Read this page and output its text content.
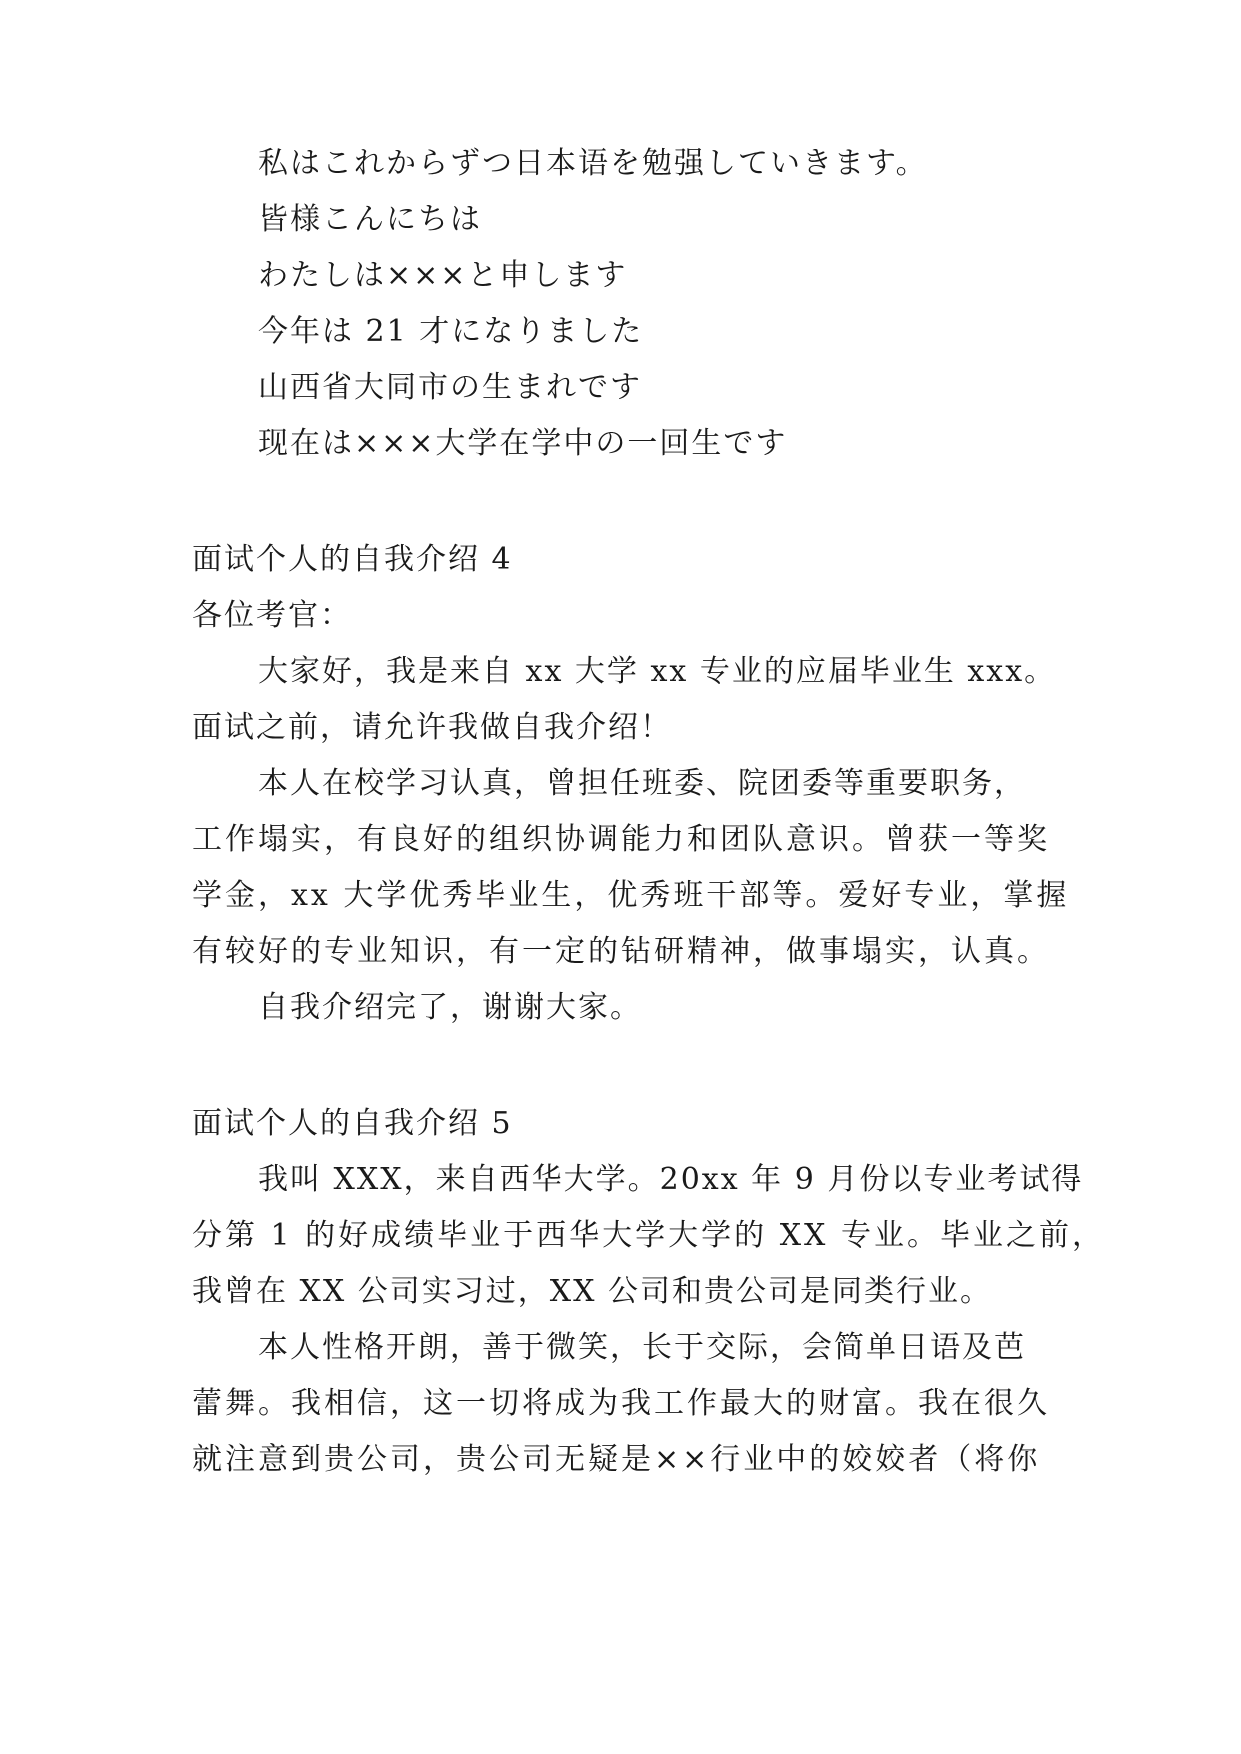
私はこれからずつ日本语を勉强していきます。
皆様こんにちは
わたしは×××と申します
今年は 21 才になりました
山西省大同市の生まれです
现在は×××大学在学中の一回生です
面试个人的自我介绍 4
各位考官：
大家好，我是来自 xx 大学 xx 专业的应届毕业生 xxx。
面试之前，请允许我做自我介绍！
本人在校学习认真，曾担任班委、院团委等重要职务，
工作塌实，有良好的组织协调能力和团队意识。曾获一等奖
学金，xx 大学优秀毕业生，优秀班干部等。爱好专业，掌握
有较好的专业知识，有一定的钻研精神，做事塌实，认真。
自我介绍完了，谢谢大家。
面试个人的自我介绍 5
我叫 XXX，来自西华大学。20xx 年 9 月份以专业考试得
分第 1 的好成绩毕业于西华大学大学的 XX 专业。毕业之前，
我曾在 XX 公司实习过，XX 公司和贵公司是同类行业。
本人性格开朗，善于微笑，长于交际，会简单日语及芭
蕾舞。我相信，这一切将成为我工作最大的财富。我在很久
就注意到贵公司，贵公司无疑是××行业中的姣姣者（将你
